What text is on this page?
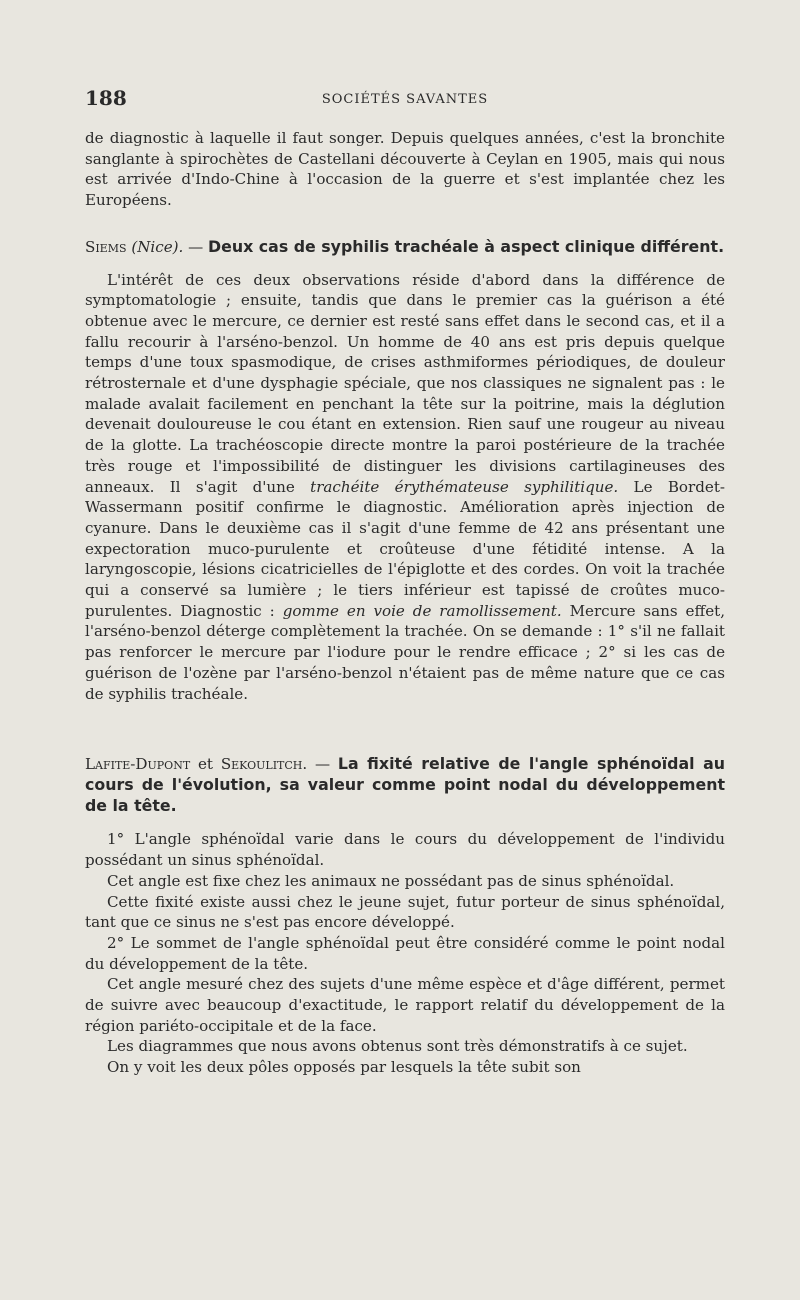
188	SOCIÉTÉS SAVANTES

de diagnostic à laquelle il faut songer. Depuis quelques années, c'est la bronchite sanglante à spirochètes de Castellani découverte à Ceylan en 1905, mais qui nous est arrivée d'Indo-Chine à l'occasion de la guerre et s'est implantée chez les Européens.

Siems (Nice). — Deux cas de syphilis trachéale à aspect clinique différent.

L'intérêt de ces deux observations réside d'abord dans la différence de symptomatologie ; ensuite, tandis que dans le premier cas la guérison a été obtenue avec le mercure, ce dernier est resté sans effet dans le second cas, et il a fallu recourir à l'arséno-benzol. Un homme de 40 ans est pris depuis quelque temps d'une toux spasmodique, de crises asthmiformes périodiques, de douleur rétrosternale et d'une dysphagie spéciale, que nos classiques ne signalent pas : le malade avalait facilement en penchant la tête sur la poitrine, mais la déglution devenait douloureuse le cou étant en extension. Rien sauf une rougeur au niveau de la glotte. La trachéoscopie directe montre la paroi postérieure de la trachée très rouge et l'impossibilité de distinguer les divisions cartilagineuses des anneaux. Il s'agit d'une trachéite érythémateuse syphilitique. Le Bordet-Wassermann positif confirme le diagnostic. Amélioration après injection de cyanure. Dans le deuxième cas il s'agit d'une femme de 42 ans présentant une expectoration muco-purulente et croûteuse d'une fétidité intense. A la laryngoscopie, lésions cicatricielles de l'épiglotte et des cordes. On voit la trachée qui a conservé sa lumière ; le tiers inférieur est tapissé de croûtes muco-purulentes. Diagnostic : gomme en voie de ramollissement. Mercure sans effet, l'arséno-benzol déterge complètement la trachée. On se demande : 1° s'il ne fallait pas renforcer le mercure par l'iodure pour le rendre efficace ; 2° si les cas de guérison de l'ozène par l'arséno-benzol n'étaient pas de même nature que ce cas de syphilis trachéale.

Lafite-Dupont et Sekoulitch. — La fixité relative de l'angle sphénoïdal au cours de l'évolution, sa valeur comme point nodal du développement de la tête.

1° L'angle sphénoïdal varie dans le cours du développement de l'individu possédant un sinus sphénoïdal.

Cet angle est fixe chez les animaux ne possédant pas de sinus sphénoïdal.

Cette fixité existe aussi chez le jeune sujet, futur porteur de sinus sphénoïdal, tant que ce sinus ne s'est pas encore développé.

2° Le sommet de l'angle sphénoïdal peut être considéré comme le point nodal du développement de la tête.

Cet angle mesuré chez des sujets d'une même espèce et d'âge différent, permet de suivre avec beaucoup d'exactitude, le rapport relatif du développement de la région pariéto-occipitale et de la face.

Les diagrammes que nous avons obtenus sont très démonstratifs à ce sujet.

On y voit les deux pôles opposés par lesquels la tête subit son
